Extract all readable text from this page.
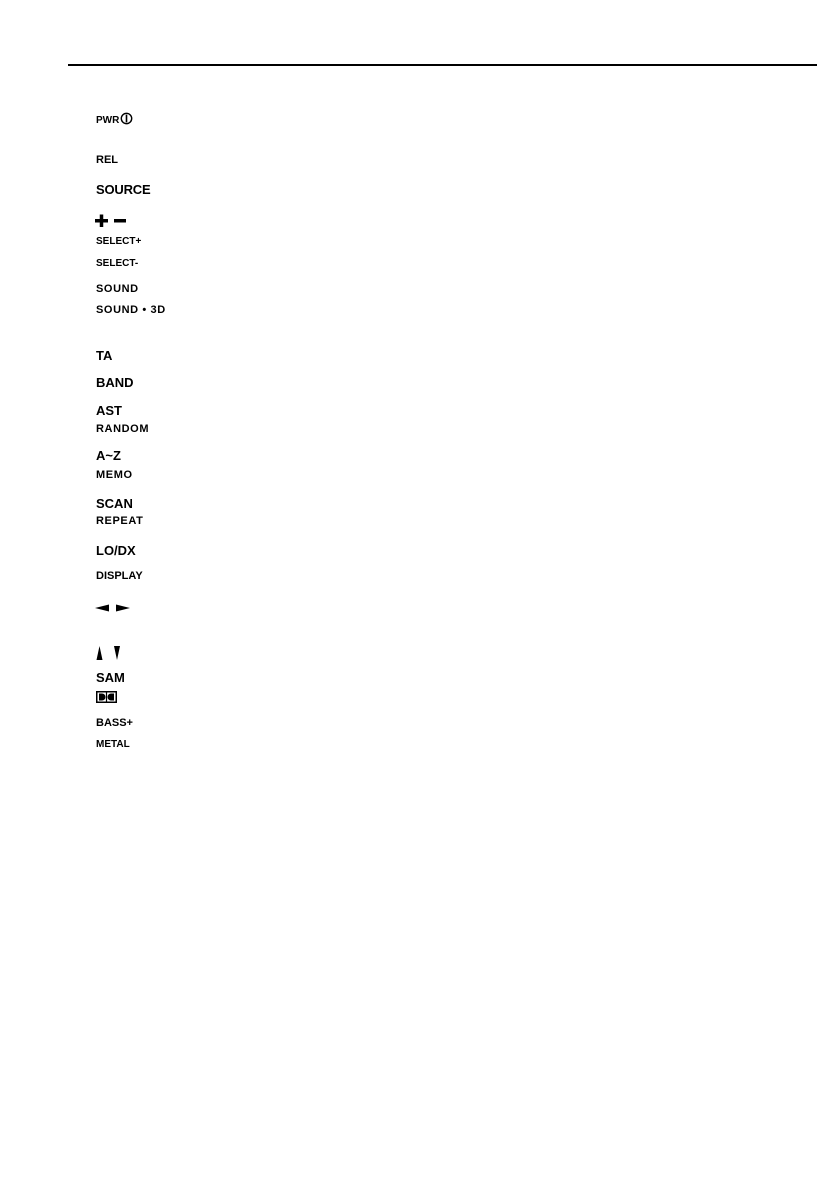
PWR
REL
SOURCE
SELECT+
SELECT-
SOUND
SOUND • 3D
TA
BAND
AST
RANDOM
A~Z
MEMO
SCAN
REPEAT
LO/DX
DISPLAY
SAM
BASS+
METAL
